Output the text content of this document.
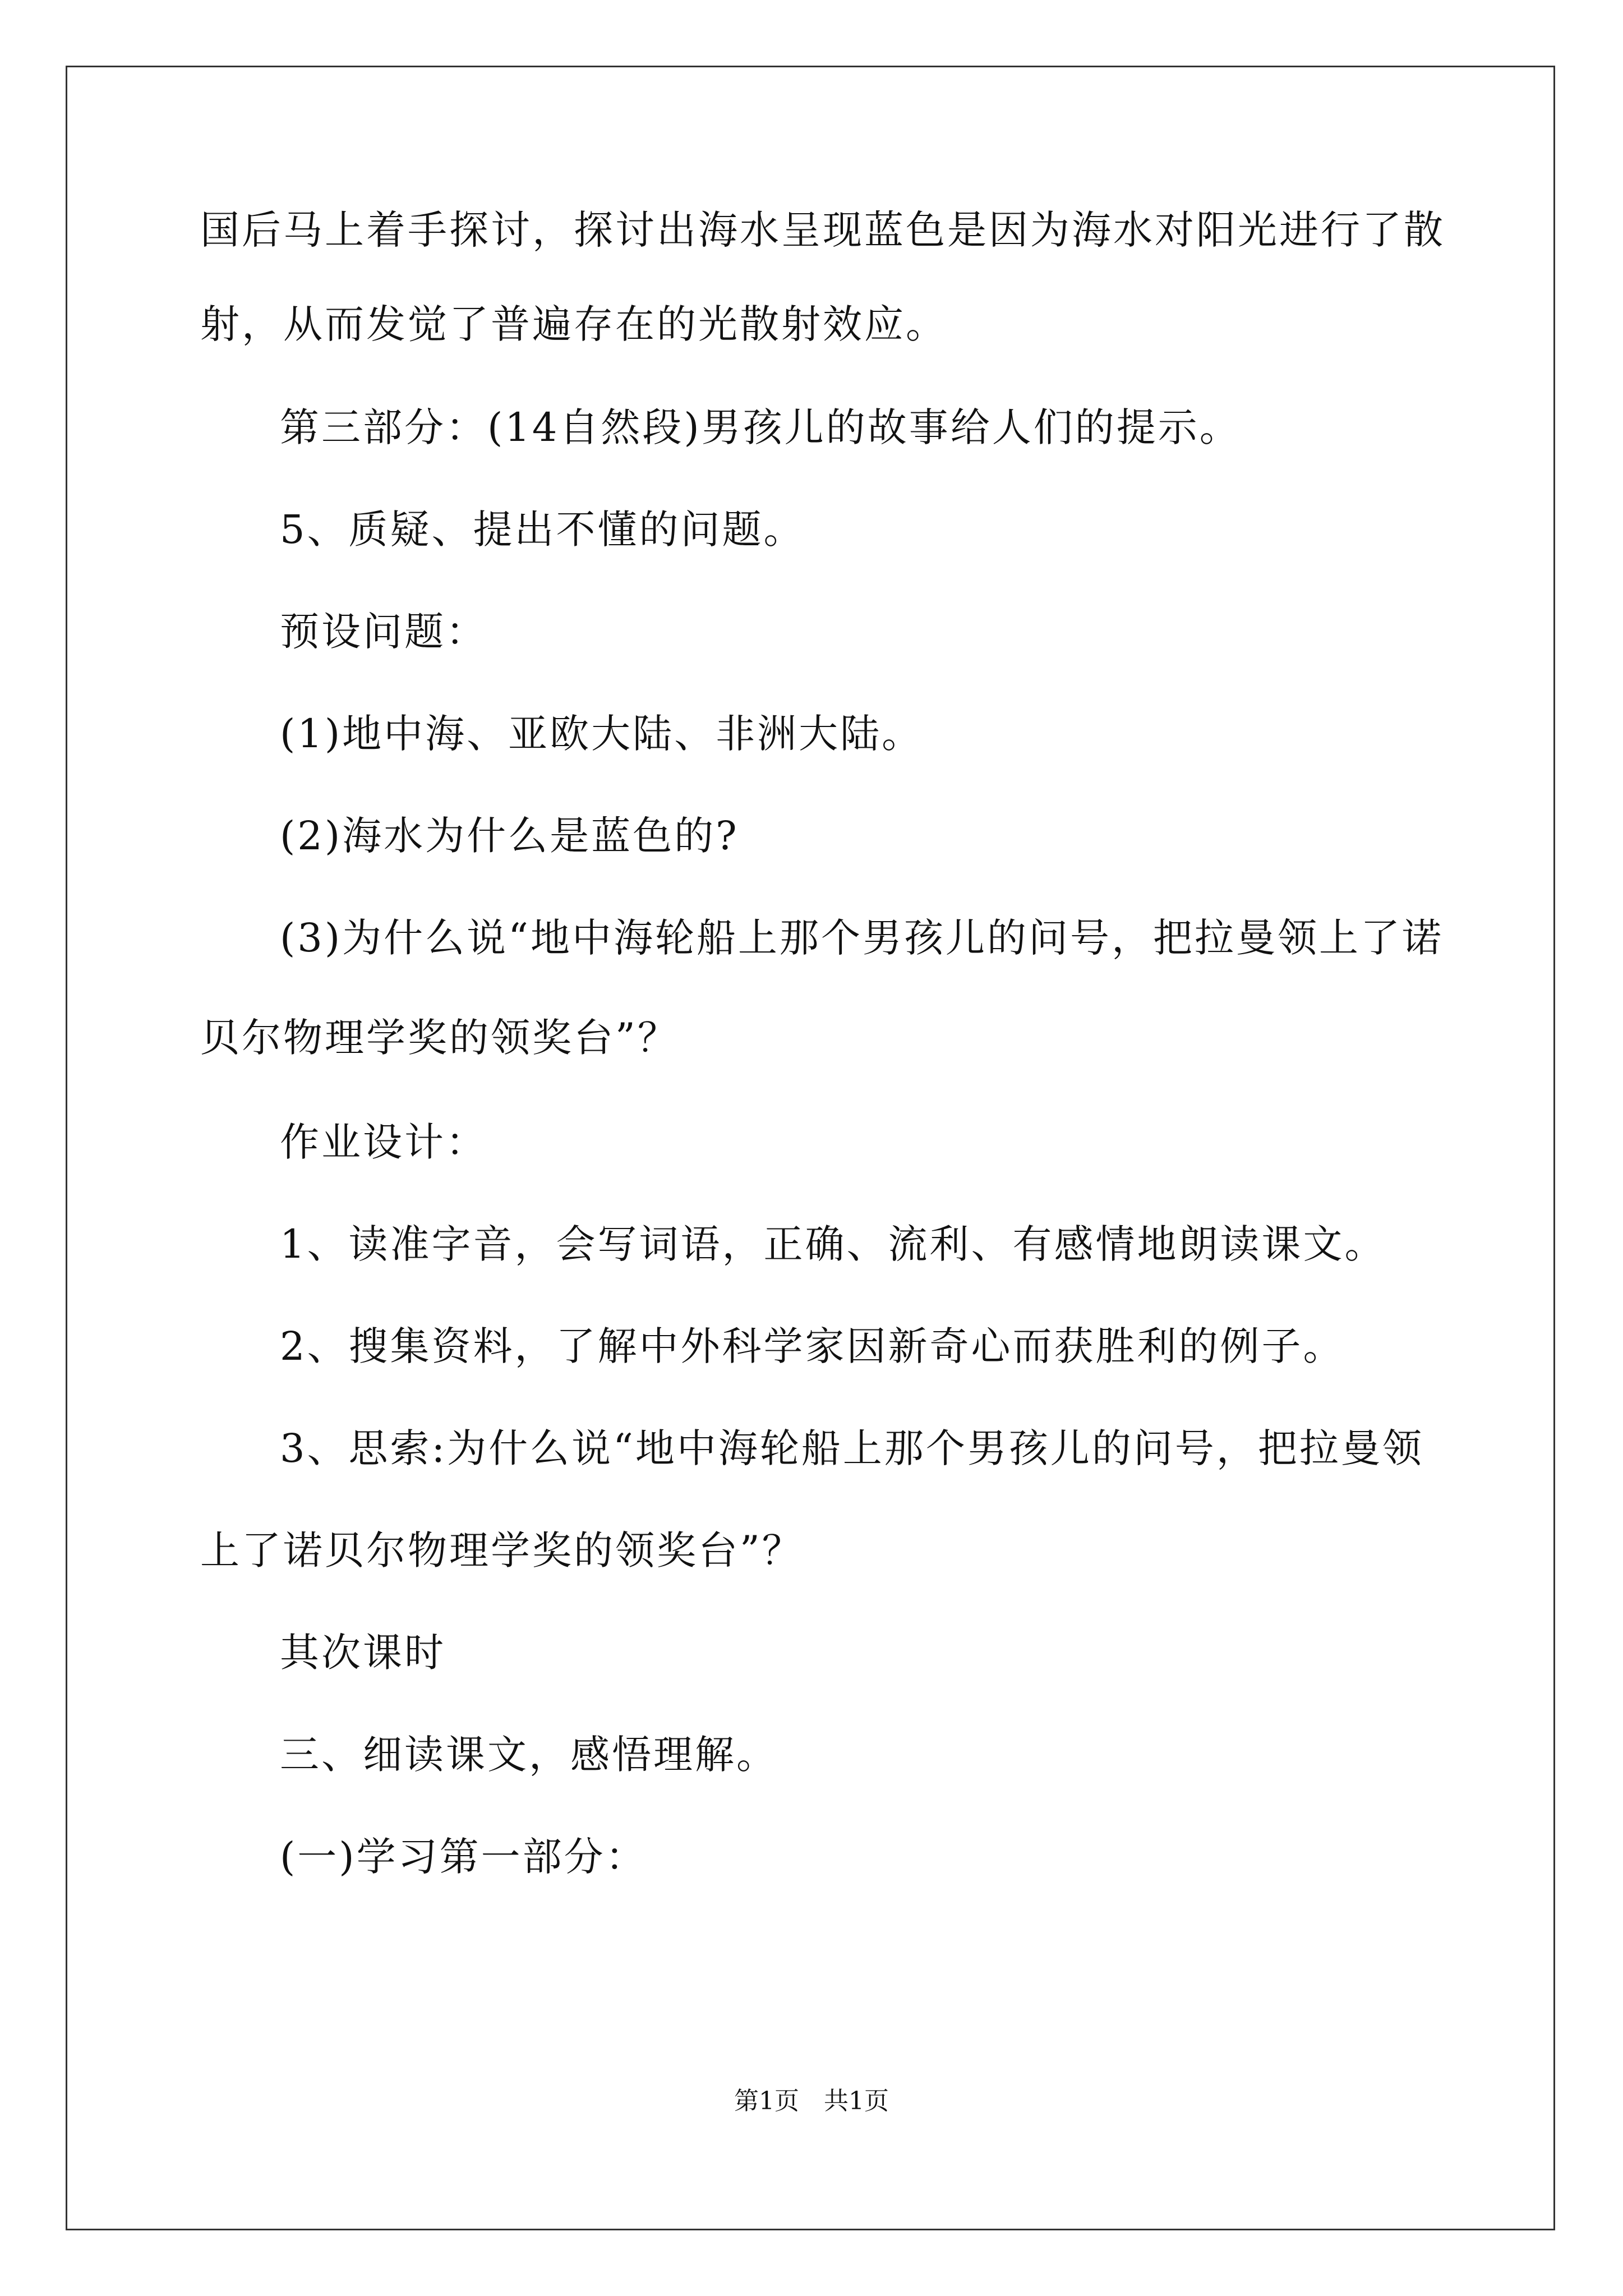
国后马上着手探讨，探讨出海水呈现蓝色是因为海水对阳光进行了散
射，从而发觉了普遍存在的光散射效应。
第三部分：(14自然段)男孩儿的故事给人们的提示。
5、质疑、提出不懂的问题。
预设问题：
(1)地中海、亚欧大陆、非洲大陆。
(2)海水为什么是蓝色的?
(3)为什么说“地中海轮船上那个男孩儿的问号，把拉曼领上了诺
贝尔物理学奖的领奖台”？
作业设计：
1、读准字音，会写词语，正确、流利、有感情地朗读课文。
2、搜集资料，了解中外科学家因新奇心而获胜利的例子。
3、思索:为什么说“地中海轮船上那个男孩儿的问号，把拉曼领
上了诺贝尔物理学奖的领奖台”？
其次课时
三、细读课文，感悟理解。
(一)学习第一部分：
第1页　共1页
